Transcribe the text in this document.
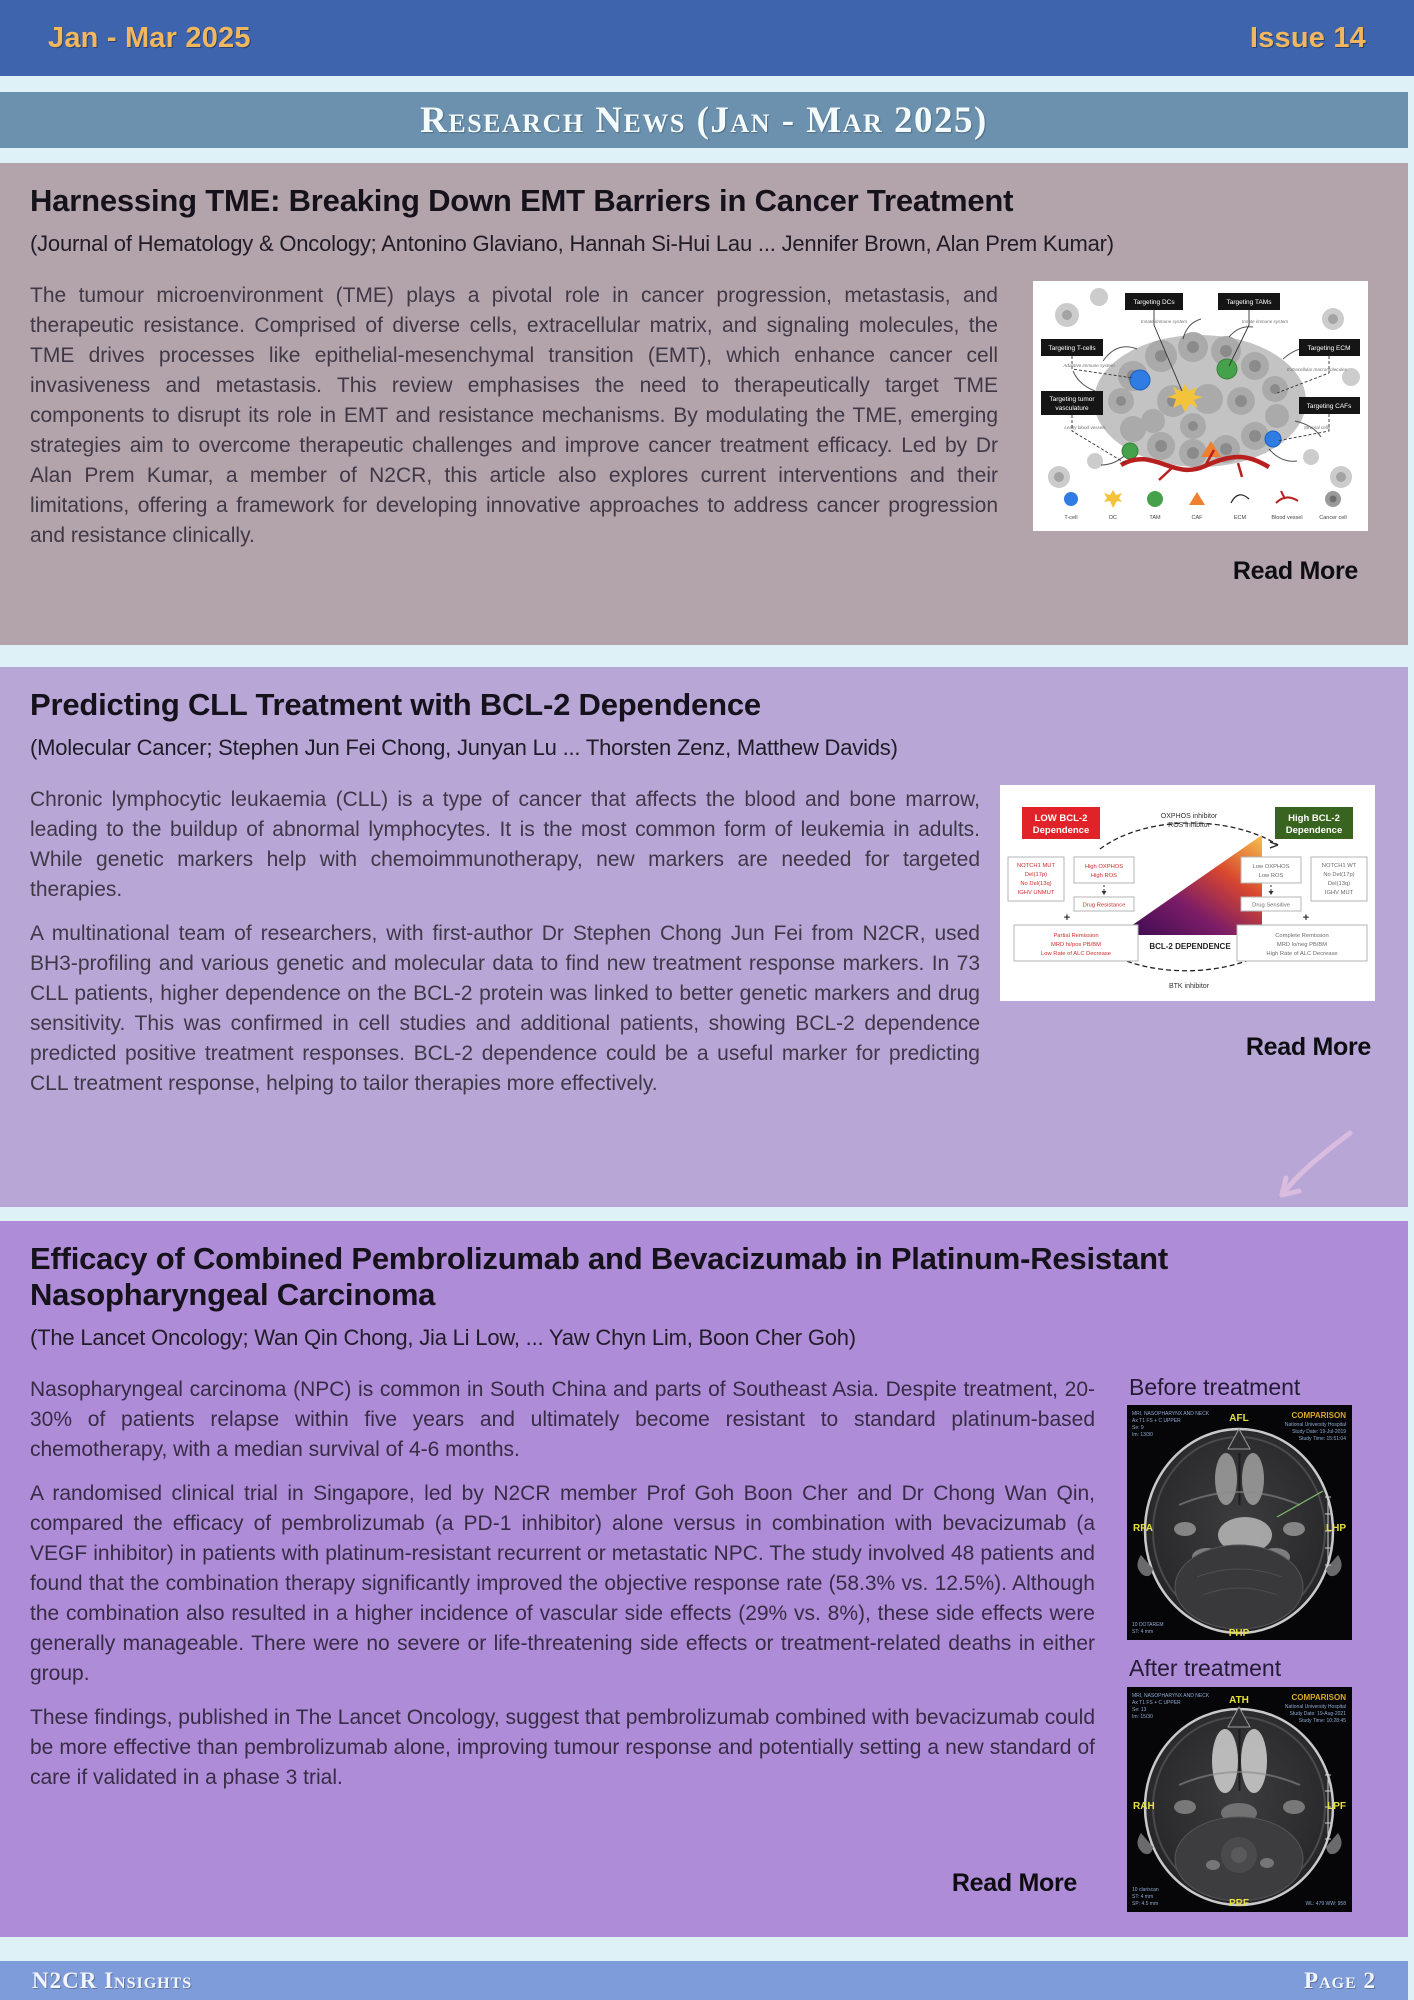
Jan - Mar 2025	Issue 14
Research News (Jan - Mar 2025)
Harnessing TME: Breaking Down EMT Barriers in Cancer Treatment
(Journal of Hematology & Oncology; Antonino Glaviano, Hannah Si-Hui Lau ... Jennifer Brown, Alan Prem Kumar)

The tumour microenvironment (TME) plays a pivotal role in cancer progression, metastasis, and therapeutic resistance. Comprised of diverse cells, extracellular matrix, and signaling molecules, the TME drives processes like epithelial-mesenchymal transition (EMT), which enhance cancer cell invasiveness and metastasis. This review emphasises the need to therapeutically target TME components to disrupt its role in EMT and resistance mechanisms. By modulating the TME, emerging strategies aim to overcome therapeutic challenges and improve cancer treatment efficacy. Led by Dr Alan Prem Kumar, a member of N2CR, this article also explores current interventions and their limitations, offering a framework for developing innovative approaches to address cancer progression and resistance clinically.

Innate immune system	Innate immune system
Adaptive immune system
Extracellular macromolecules
Leaky blood vessels	Stromal cells
Targeting DCs	Targeting TAMs
Targeting T-cells	Targeting ECM
Targeting tumor
vasculature	Targeting CAFs
T-cell	DC	TAM	CAF	ECM	Blood vessel	Cancer cell
Read More
Predicting CLL Treatment with BCL-2 Dependence
(Molecular Cancer; Stephen Jun Fei Chong, Junyan Lu ... Thorsten Zenz, Matthew Davids)

Chronic lymphocytic leukaemia (CLL) is a type of cancer that affects the blood and bone marrow, leading to the buildup of abnormal lymphocytes. It is the most common form of leukemia in adults. While genetic markers help with chemoimmunotherapy, new markers are needed for targeted therapies.

A multinational team of researchers, with first-author Dr Stephen Chong Jun Fei from N2CR, used BH3-profiling and various genetic and molecular data to find new treatment response markers. In 73 CLL patients, higher dependence on the BCL-2 protein was linked to better genetic markers and drug sensitivity. This was confirmed in cell studies and additional patients, showing BCL-2 dependence predicted positive treatment responses. BCL-2 dependence could be a useful marker for predicting CLL treatment response, helping to tailor therapies more effectively.

LOW BCL-2
Dependence
High BCL-2
Dependence
OXPHOS inhibitor
ROS inhibitor
BTK inhibitor
BCL-2 DEPENDENCE
NOTCH1 MUT
Del(17p)
No Del(13q)
IGHV UNMUT
High OXPHOS
High ROS
Drug Resistance
Partial Remission
MRD hi/pos PB/BM
Low Rate of ALC Decrease
+
Low OXPHOS
Low ROS
Drug Sensitive
NOTCH1 WT
No Del(17p)
Del(13q)
IGHV MUT
Complete Remission
MRD lo/neg PB/BM
High Rate of ALC Decrease
+
Read More
Efficacy of Combined Pembrolizumab and Bevacizumab in Platinum-Resistant Nasopharyngeal Carcinoma
(The Lancet Oncology; Wan Qin Chong, Jia Li Low, ... Yaw Chyn Lim, Boon Cher Goh)

Nasopharyngeal carcinoma (NPC) is common in South China and parts of Southeast Asia. Despite treatment, 20-30% of patients relapse within five years and ultimately become resistant to standard platinum-based chemotherapy, with a median survival of 4-6 months.

A randomised clinical trial in Singapore, led by N2CR member Prof Goh Boon Cher and Dr Chong Wan Qin, compared the efficacy of pembrolizumab (a PD-1 inhibitor) alone versus in combination with bevacizumab (a VEGF inhibitor) in patients with platinum-resistant recurrent or metastatic NPC. The study involved 48 patients and found that the combination therapy significantly improved the objective response rate (58.3% vs. 12.5%). Although the combination also resulted in a higher incidence of vascular side effects (29% vs. 8%), these side effects were generally manageable. There were no severe or life-threatening side effects or treatment-related deaths in either group.

These findings, published in The Lancet Oncology, suggest that pembrolizumab combined with bevacizumab could be more effective than pembrolizumab alone, improving tumour response and potentially setting a new standard of care if validated in a phase 3 trial.

Read More
Before treatment
AFL
RFA	LHP
PHP
COMPARISON
National University Hospital
Study Date: 19-Jul-2019
Study Time: 15:51:04
MRI, NASOPHARYNX AND NECK
Ax T1 FS + C UPPER
Se: 9
Im: 13/30
10 DOTAREM
ST: 4 mm
After treatment
ATH
RAH	LPF
PRF
COMPARISON
National University Hospital
Study Date: 19-Aug-2021
Study Time: 10:28:45
WL: 479 WW: 958
MRI, NASOPHARYNX AND NECK
Ax T1 FS + C UPPER
Se: 13
Im: 15/30
10 clariscan
ST: 4 mm
SP: 4.5 mm
N2CR Insights	Page 2
